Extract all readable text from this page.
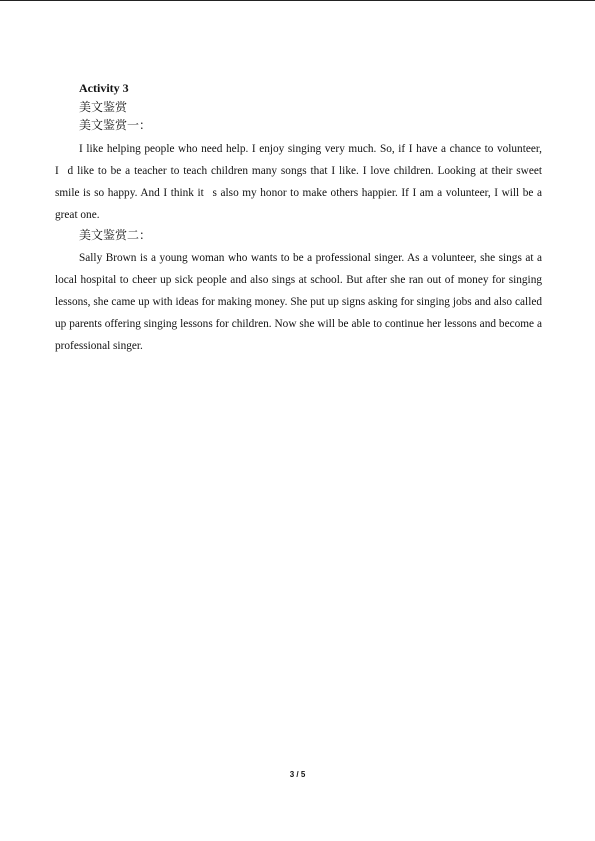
Activity 3

美文鉴赏

美文鉴赏一：

I like helping people who need help. I enjoy singing very much. So, if I have a chance to volunteer, I d like to be a teacher to teach children many songs that I like. I love children. Looking at their sweet smile is so happy. And I think it s also my honor to make others happier. If I am a volunteer, I will be a great one.

美文鉴赏二：

Sally Brown is a young woman who wants to be a professional singer. As a volunteer, she sings at a local hospital to cheer up sick people and also sings at school. But after she ran out of money for singing lessons, she came up with ideas for making money. She put up signs asking for singing jobs and also called up parents offering singing lessons for children. Now she will be able to continue her lessons and become a professional singer.

3 / 5
